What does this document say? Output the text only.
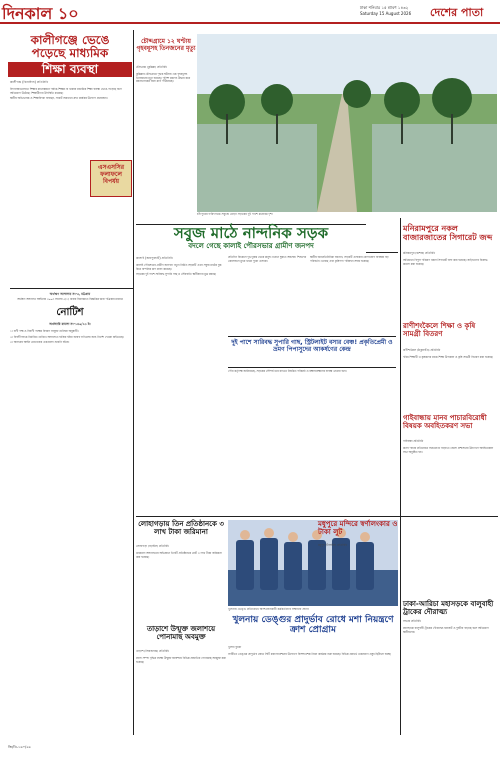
দিনকাল ১০	ঢাকা শনিবার ১৫ শ্রাবণ ১৪৩২
Saturday 15 August 2026 দেশের পাতা
কালীগঞ্জে ভেঙে
পড়েছে মাধ্যমিক
শিক্ষা ব্যবস্থা
কালীগঞ্জ (ঝিনাইদহ) প্রতিনিধি

বিদ্যালয়গুলোতে শিক্ষার মানোন্নয়নে পর্যাপ্ত শিক্ষক না থাকায় মাধ্যমিক শিক্ষা ব্যবস্থা ভেঙে পড়েছে বলে অভিযোগ উঠেছে। শিক্ষার্থীদের উপস্থিতি কমেছে।

স্থানীয় অভিভাবক ও শিক্ষাবিদরা বলছেন, সংকট সমাধানে দ্রুত কার্যকর উদ্যোগ প্রয়োজন।

এসএসসির ফলাফলে বিপর্যয়
চৌদ্দগ্রামে ১২ ঘণ্টায় গৃহবধূসহ তিনজনের মৃত্যু
চৌদ্দগ্রাম (কুমিল্লা) প্রতিনিধি

কুমিল্লার চৌদ্দগ্রামে পৃথক ঘটনায় এক গৃহবধূসহ তিনজনের মৃত্যু হয়েছে। পুলিশ মরদেহ উদ্ধার করে ময়নাতদন্তের জন্য মর্গে পাঠিয়েছে।

চাঁদপুরের ফরিদগঞ্জে সবুজে মোড়া সড়কের দুই পাশে মনোরম দৃশ্য
সবুজ মাঠে নান্দনিক সড়ক
বদলে গেছে কালাই পৌরসভার গ্রামীণ জনপদ
কালাই (জয়পুরহাট) প্রতিনিধি

কালাই পৌরসভার গ্রামীণ জনপদে নতুন নির্মিত সড়কটি এখন সবুজ মাঠের বুক চিরে নান্দনিক রূপ ধারণ করেছে।

সড়কের দুই পাশে সারিবদ্ধ সুপারি গাছ ও সৌরবাতি স্থানীয়দের মুগ্ধ করছে।

প্রতিদিন বিকেলে দূর-দূরান্ত থেকে মানুষ এখানে ঘুরতে আসেন। শিশুদের কোলাহলে মুখর থাকে পুরো এলাকা।

দুই পাশে সারিবদ্ধ সুপারি গাছ, স্ট্রিটলাইট বসার বেঞ্চ! প্রকৃতিপ্রেমী ও ভ্রমণ পিপাসুদের আকর্ষণের কেন্দ্র

স্থানীয় জনপ্রতিনিধিরা জানান, সড়কটি এলাকার যোগাযোগ ব্যবস্থায় বড় পরিবর্তন এনেছে এবং কৃষিপণ্য পরিবহন সহজ হয়েছে।

পৌর কর্তৃপক্ষ জানিয়েছে, সড়কের সৌন্দর্য ধরে রাখতে নিয়মিত পরিচর্যা ও রক্ষণাবেক্ষণের ব্যবস্থা নেওয়া হবে।

মনিরামপুরে নকল বাজারজাতের সিগারেট জব্দ
মনিরামপুর (যশোর) প্রতিনিধি

অভিযানে বিপুল পরিমাণ নকল সিগারেট জব্দ করা হয়েছে। জড়িতদের বিরুদ্ধে মামলা করা হয়েছে।

রাণীশংকৈলে শিক্ষা ও কৃষি সামগ্রী বিতরণ
রাণীশংকৈল (ঠাকুরগাঁও) প্রতিনিধি

দরিদ্র শিক্ষার্থী ও কৃষকদের মাঝে শিক্ষা উপকরণ ও কৃষি সামগ্রী বিতরণ করা হয়েছে।

গাইবান্ধায় মানব পাচারবিরোধী বিষয়ক অবহিতকরণ সভা
গাইবান্ধা প্রতিনিধি

মানব পাচার প্রতিরোধে সচেতনতা বাড়াতে জেলা প্রশাসনের উদ্যোগে অবহিতকরণ সভা অনুষ্ঠিত হয়।

ঢাকা-আরিচা মহাসড়কে বালুবাহী ট্রাকের দৌরাত্ম্য
সাভার প্রতিনিধি

মহাসড়কে বালুবাহী ট্রাকের দৌরাত্ম্যে যানজট ও দুর্ঘটনা বাড়ছে বলে অভিযোগ স্থানীয়দের।

অর্থঋণ আদালত নং-৩, চট্টগ্রাম
অর্থঋণ আদালত আইনের ২০০৩ সালের ৫(১) ধারার বিধানমতে বিজ্ঞপ্তির দ্বারা পত্রিকার মাধ্যমে
নোটিশ
অর্থজারি মামলা নং-১৪০/২৩ ইং

১। বাদী পক্ষ ও বিবাদী পক্ষের বিবরণ সংযুক্ত তালিকা অনুযায়ী।

২। বিবাদীগণকে নির্ধারিত তারিখে আদালতে হাজির হইয়া জবাব দাখিলের জন্য নির্দেশ দেওয়া যাইতেছে।

৩। অন্যথায় আইন মোতাবেক একতরফা শুনানি হইবে।

জি/ডি-১৬০/২৬
লোহাগড়ায় তিন প্রতিষ্ঠানকে ৩ লাখ টাকা জরিমানা
লোহাগড়া (নড়াইল) প্রতিনিধি

ভ্রাম্যমাণ আদালতের অভিযানে তিনটি প্রতিষ্ঠানকে মোট ৩ লাখ টাকা জরিমানা করা হয়েছে।

তাড়াশে উন্মুক্ত জলাশয়ে পোনামাছ অবমুক্ত
তাড়াশ (সিরাজগঞ্জ) প্রতিনিধি

মৎস্য সম্পদ বৃদ্ধির লক্ষ্যে উন্মুক্ত জলাশয়ে বিভিন্ন প্রজাতির পোনামাছ অবমুক্ত করা হয়েছে।

খুলনায় ডেঙ্গু প্রতিরোধে অংশগ্রহণকারী কর্মকর্তাদের সম্মাননা প্রদান
খুলনায় ডেঙ্গুর প্রাদুর্ভাব রোধে মশা নিয়ন্ত্রণে ক্রাশ প্রোগ্রাম
খুলনা ব্যুরো

নগরীতে ডেঙ্গুর প্রাদুর্ভাব রোধে সিটি করপোরেশনের উদ্যোগে বিশেষ মশক নিধন কার্যক্রম শুরু হয়েছে। বিভিন্ন ওয়ার্ডে একযোগে ওষুধ ছিটানো হচ্ছে।

মধুপুরে মন্দিরে স্বর্ণালংকার ও টাকা লুট
মধুপুর (টাঙ্গাইল) প্রতিনিধি
